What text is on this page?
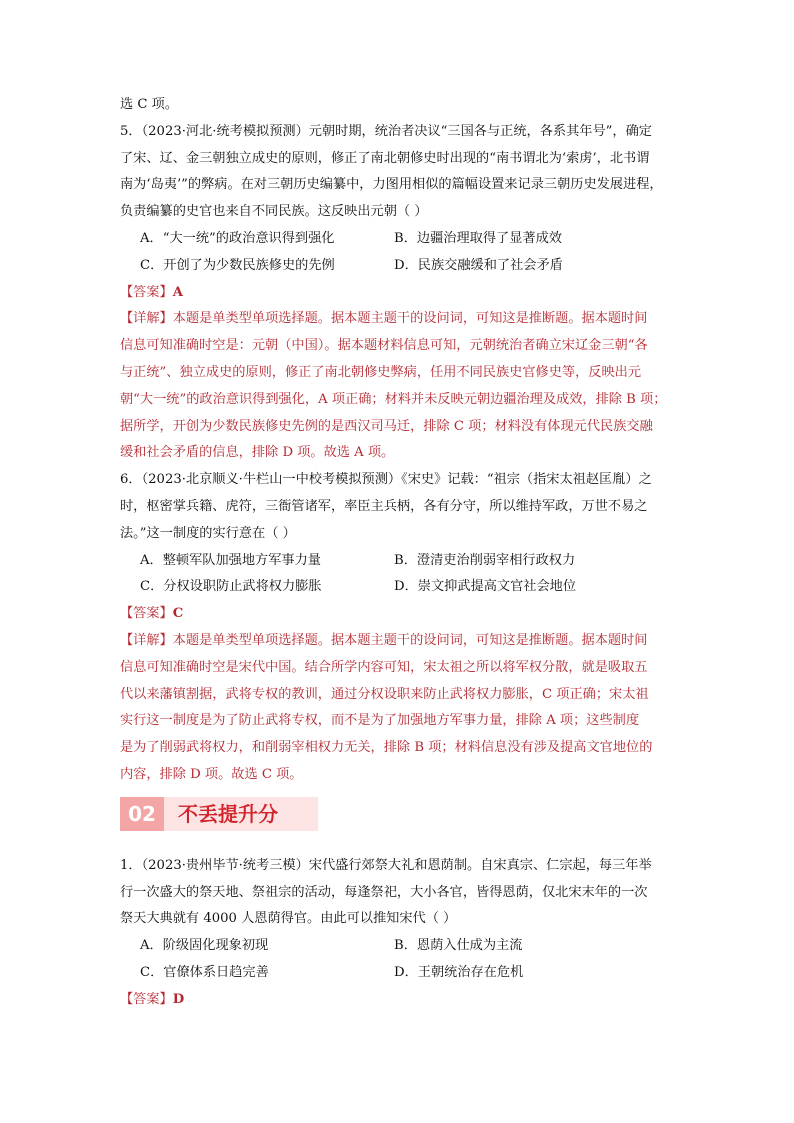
选 C 项。
5．（2023·河北·统考模拟预测）元朝时期，统治者决议“三国各与正统，各系其年号”，确定
了宋、辽、金三朝独立成史的原则，修正了南北朝修史时出现的“南书谓北为‘索虏’，北书谓
南为‘岛夷’”的弊病。在对三朝历史编纂中，力图用相似的篇幅设置来记录三朝历史发展进程，
负责编纂的史官也来自不同民族。这反映出元朝（ ）
A．“大一统”的政治意识得到强化	B．边疆治理取得了显著成效
C．开创了为少数民族修史的先例	D．民族交融缓和了社会矛盾
【答案】A
【详解】本题是单类型单项选择题。据本题主题干的设问词，可知这是推断题。据本题时间
信息可知准确时空是：元朝（中国）。据本题材料信息可知，元朝统治者确立宋辽金三朝“各
与正统”、独立成史的原则，修正了南北朝修史弊病，任用不同民族史官修史等，反映出元
朝“大一统”的政治意识得到强化，A 项正确；材料并未反映元朝边疆治理及成效，排除 B 项；
据所学，开创为少数民族修史先例的是西汉司马迁，排除 C 项；材料没有体现元代民族交融
缓和社会矛盾的信息，排除 D 项。故选 A 项。
6．（2023·北京顺义·牛栏山一中校考模拟预测）《宋史》记载：“祖宗（指宋太祖赵匡胤）之
时，枢密掌兵籍、虎符，三衙管诸军，率臣主兵柄，各有分守，所以维持军政，万世不易之
法。”这一制度的实行意在（ ）
A．整顿军队加强地方军事力量	B．澄清吏治削弱宰相行政权力
C．分权设职防止武将权力膨胀	D．崇文抑武提高文官社会地位
【答案】C
【详解】本题是单类型单项选择题。据本题主题干的设问词，可知这是推断题。据本题时间
信息可知准确时空是宋代中国。结合所学内容可知，宋太祖之所以将军权分散，就是吸取五
代以来藩镇割据，武将专权的教训，通过分权设职来防止武将权力膨胀，C 项正确；宋太祖
实行这一制度是为了防止武将专权，而不是为了加强地方军事力量，排除 A 项；这些制度
是为了削弱武将权力，和削弱宰相权力无关，排除 B 项；材料信息没有涉及提高文官地位的
内容，排除 D 项。故选 C 项。
02	不丢提升分
1．（2023·贵州毕节·统考三模）宋代盛行郊祭大礼和恩荫制。自宋真宗、仁宗起，每三年举
行一次盛大的祭天地、祭祖宗的活动，每逢祭祀，大小各官，皆得恩荫，仅北宋末年的一次
祭天大典就有 4000 人恩荫得官。由此可以推知宋代（ ）
A．阶级固化现象初现	B．恩荫入仕成为主流
C．官僚体系日趋完善	D．王朝统治存在危机
【答案】D
